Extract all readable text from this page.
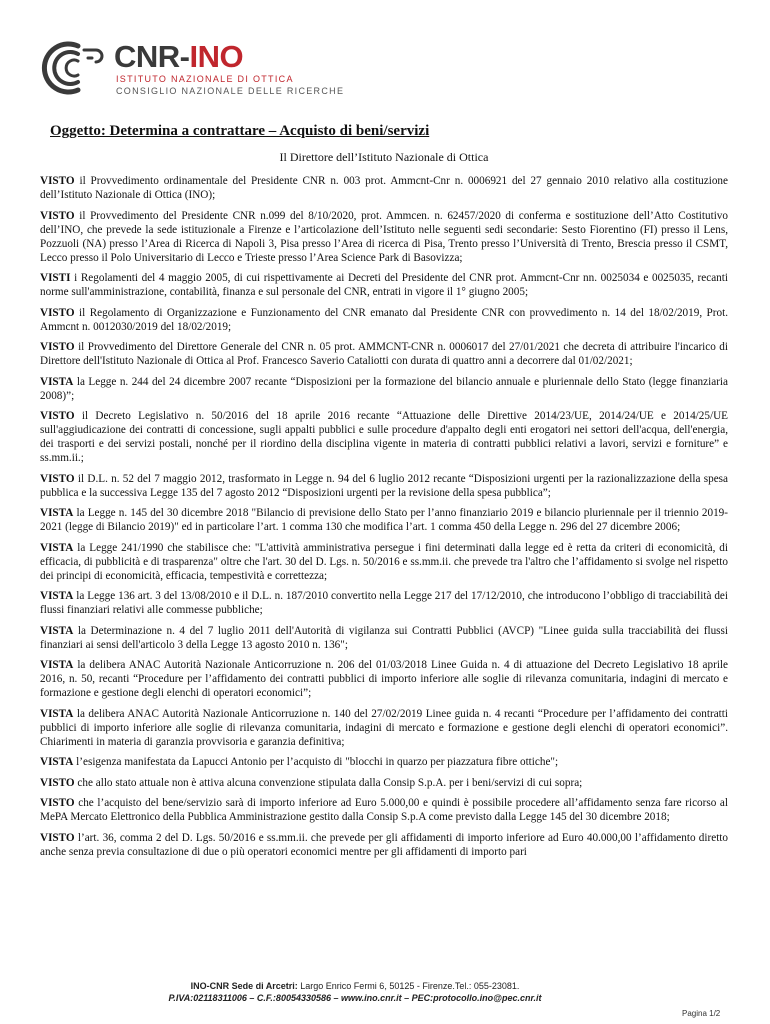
CNR-INO
ISTITUTO NAZIONALE DI OTTICA
CONSIGLIO NAZIONALE DELLE RICERCHE
Oggetto: Determina a contrattare – Acquisto di beni/servizi
Il Direttore dell’Istituto Nazionale di Ottica
VISTO il Provvedimento ordinamentale del Presidente CNR n. 003 prot. Ammcnt-Cnr n. 0006921 del 27 gennaio 2010 relativo alla costituzione dell’Istituto Nazionale di Ottica (INO);
VISTO il Provvedimento del Presidente CNR n.099 del 8/10/2020, prot. Ammcen. n. 62457/2020 di conferma e sostituzione dell’Atto Costitutivo dell’INO, che prevede la sede istituzionale a Firenze e l’articolazione dell’Istituto nelle seguenti sedi secondarie: Sesto Fiorentino (FI) presso il Lens, Pozzuoli (NA) presso l’Area di Ricerca di Napoli 3, Pisa presso l’Area di ricerca di Pisa, Trento presso l’Università di Trento, Brescia presso il CSMT, Lecco presso il Polo Universitario di Lecco e Trieste presso l’Area Science Park di Basovizza;
VISTI i Regolamenti del 4 maggio 2005, di cui rispettivamente ai Decreti del Presidente del CNR prot. Ammcnt-Cnr nn. 0025034 e 0025035, recanti norme sull'amministrazione, contabilità, finanza e sul personale del CNR, entrati in vigore il 1° giugno 2005;
VISTO il Regolamento di Organizzazione e Funzionamento del CNR emanato dal Presidente CNR con provvedimento n. 14 del 18/02/2019, Prot. Ammcnt n. 0012030/2019 del 18/02/2019;
VISTO il Provvedimento del Direttore Generale del CNR n. 05 prot. AMMCNT-CNR n. 0006017 del 27/01/2021 che decreta di attribuire l'incarico di Direttore dell'Istituto Nazionale di Ottica al Prof. Francesco Saverio Cataliotti con durata di quattro anni a decorrere dal 01/02/2021;
VISTA la Legge n. 244 del 24 dicembre 2007 recante “Disposizioni per la formazione del bilancio annuale e pluriennale dello Stato (legge finanziaria 2008)”;
VISTO il Decreto Legislativo n. 50/2016 del 18 aprile 2016 recante “Attuazione delle Direttive 2014/23/UE, 2014/24/UE e 2014/25/UE sull'aggiudicazione dei contratti di concessione, sugli appalti pubblici e sulle procedure d'appalto degli enti erogatori nei settori dell'acqua, dell'energia, dei trasporti e dei servizi postali, nonché per il riordino della disciplina vigente in materia di contratti pubblici relativi a lavori, servizi e forniture” e ss.mm.ii.;
VISTO il D.L. n. 52 del 7 maggio 2012, trasformato in Legge n. 94 del 6 luglio 2012 recante “Disposizioni urgenti per la razionalizzazione della spesa pubblica e la successiva Legge 135 del 7 agosto 2012 “Disposizioni urgenti per la revisione della spesa pubblica”;
VISTA la Legge n. 145 del 30 dicembre 2018 "Bilancio di previsione dello Stato per l’anno finanziario 2019 e bilancio pluriennale per il triennio 2019-2021 (legge di Bilancio 2019)" ed in particolare l’art. 1 comma 130 che modifica l’art. 1 comma 450 della Legge n. 296 del 27 dicembre 2006;
VISTA la Legge 241/1990 che stabilisce che: "L'attività amministrativa persegue i fini determinati dalla legge ed è retta da criteri di economicità, di efficacia, di pubblicità e di trasparenza" oltre che l'art. 30 del D. Lgs. n. 50/2016 e ss.mm.ii. che prevede tra l'altro che l’affidamento si svolge nel rispetto dei principi di economicità, efficacia, tempestività e correttezza;
VISTA la Legge 136 art. 3 del 13/08/2010 e il D.L. n. 187/2010 convertito nella Legge 217 del 17/12/2010, che introducono l’obbligo di tracciabilità dei flussi finanziari relativi alle commesse pubbliche;
VISTA la Determinazione n. 4 del 7 luglio 2011 dell'Autorità di vigilanza sui Contratti Pubblici (AVCP) "Linee guida sulla tracciabilità dei flussi finanziari ai sensi dell'articolo 3 della Legge 13 agosto 2010 n. 136";
VISTA la delibera ANAC Autorità Nazionale Anticorruzione n. 206 del 01/03/2018 Linee Guida n. 4 di attuazione del Decreto Legislativo 18 aprile 2016, n. 50, recanti “Procedure per l’affidamento dei contratti pubblici di importo inferiore alle soglie di rilevanza comunitaria, indagini di mercato e formazione e gestione degli elenchi di operatori economici”;
VISTA la delibera ANAC Autorità Nazionale Anticorruzione n. 140 del 27/02/2019 Linee guida n. 4 recanti “Procedure per l’affidamento dei contratti pubblici di importo inferiore alle soglie di rilevanza comunitaria, indagini di mercato e formazione e gestione degli elenchi di operatori economici”. Chiarimenti in materia di garanzia provvisoria e garanzia definitiva;
VISTA l’esigenza manifestata da Lapucci Antonio per l’acquisto di "blocchi in quarzo per piazzatura fibre ottiche";
VISTO che allo stato attuale non è attiva alcuna convenzione stipulata dalla Consip S.p.A. per i beni/servizi di cui sopra;
VISTO che l’acquisto del bene/servizio sarà di importo inferiore ad Euro 5.000,00 e quindi è possibile procedere all’affidamento senza fare ricorso al MePA Mercato Elettronico della Pubblica Amministrazione gestito dalla Consip S.p.A come previsto dalla Legge 145 del 30 dicembre 2018;
VISTO l’art. 36, comma 2 del D. Lgs. 50/2016 e ss.mm.ii. che prevede per gli affidamenti di importo inferiore ad Euro 40.000,00 l’affidamento diretto anche senza previa consultazione di due o più operatori economici mentre per gli affidamenti di importo pari
INO-CNR Sede di Arcetri: Largo Enrico Fermi 6, 50125 - Firenze.Tel.: 055-23081.
P.IVA:02118311006 – C.F.:80054330586 – www.ino.cnr.it – PEC:protocollo.ino@pec.cnr.it
Pagina 1/2
